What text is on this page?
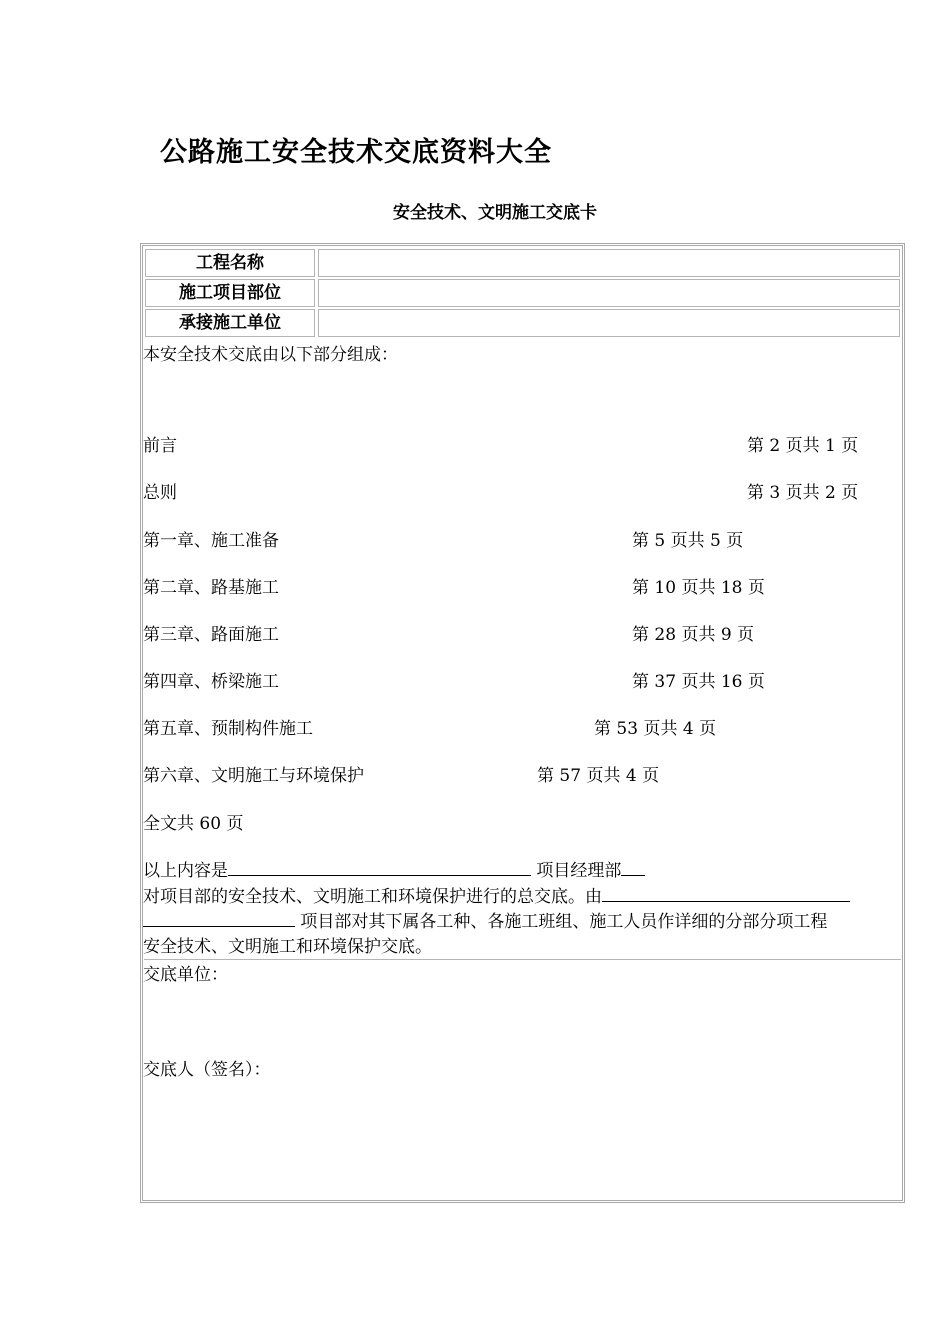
公路施工安全技术交底资料大全
安全技术、文明施工交底卡
工程名称
施工项目部位
承接施工单位
本安全技术交底由以下部分组成：
前言	第 2 页共 1 页
总则	第 3 页共 2 页
第一章、施工准备	第 5 页共 5 页
第二章、路基施工	第 10 页共 18 页
第三章、路面施工	第 28 页共 9 页
第四章、桥梁施工	第 37 页共 16 页
第五章、预制构件施工	第 53 页共 4 页
第六章、文明施工与环境保护	第 57 页共 4 页
全文共 60 页
以上内容是	项目经理部
对项目部的安全技术、文明施工和环境保护进行的总交底。由
项目部对其下属各工种、各施工班组、施工人员作详细的分部分项工程
安全技术、文明施工和环境保护交底。
交底单位：
交底人（签名）：
